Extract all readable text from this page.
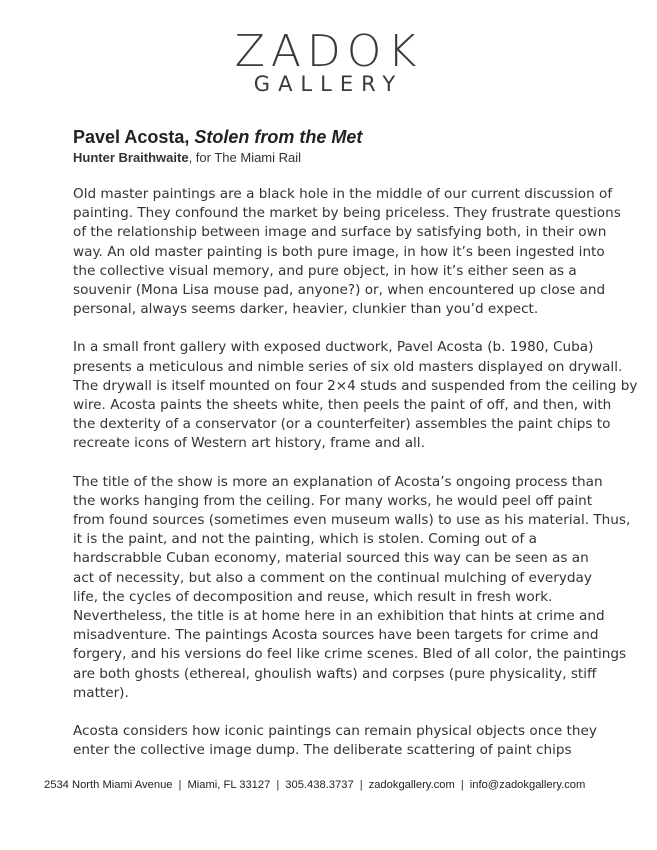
ZADOK
GALLERY
Pavel Acosta, Stolen from the Met
Hunter Braithwaite, for The Miami Rail
Old master paintings are a black hole in the middle of our current discussion of
painting. They confound the market by being priceless. They frustrate questions
of the relationship between image and surface by satisfying both, in their own
way. An old master painting is both pure image, in how it’s been ingested into
the collective visual memory, and pure object, in how it’s either seen as a
souvenir (Mona Lisa mouse pad, anyone?) or, when encountered up close and
personal, always seems darker, heavier, clunkier than you’d expect.
In a small front gallery with exposed ductwork, Pavel Acosta (b. 1980, Cuba)
presents a meticulous and nimble series of six old masters displayed on drywall.
The drywall is itself mounted on four 2×4 studs and suspended from the ceiling by
wire. Acosta paints the sheets white, then peels the paint of off, and then, with
the dexterity of a conservator (or a counterfeiter) assembles the paint chips to
recreate icons of Western art history, frame and all.
The title of the show is more an explanation of Acosta’s ongoing process than
the works hanging from the ceiling. For many works, he would peel off paint
from found sources (sometimes even museum walls) to use as his material. Thus,
it is the paint, and not the painting, which is stolen. Coming out of a
hardscrabble Cuban economy, material sourced this way can be seen as an
act of necessity, but also a comment on the continual mulching of everyday
life, the cycles of decomposition and reuse, which result in fresh work.
Nevertheless, the title is at home here in an exhibition that hints at crime and
misadventure. The paintings Acosta sources have been targets for crime and
forgery, and his versions do feel like crime scenes. Bled of all color, the paintings
are both ghosts (ethereal, ghoulish wafts) and corpses (pure physicality, stiff
matter).
Acosta considers how iconic paintings can remain physical objects once they
enter the collective image dump. The deliberate scattering of paint chips
2534 North Miami Avenue | Miami, FL 33127 | 305.438.3737 | zadokgallery.com | info@zadokgallery.com
